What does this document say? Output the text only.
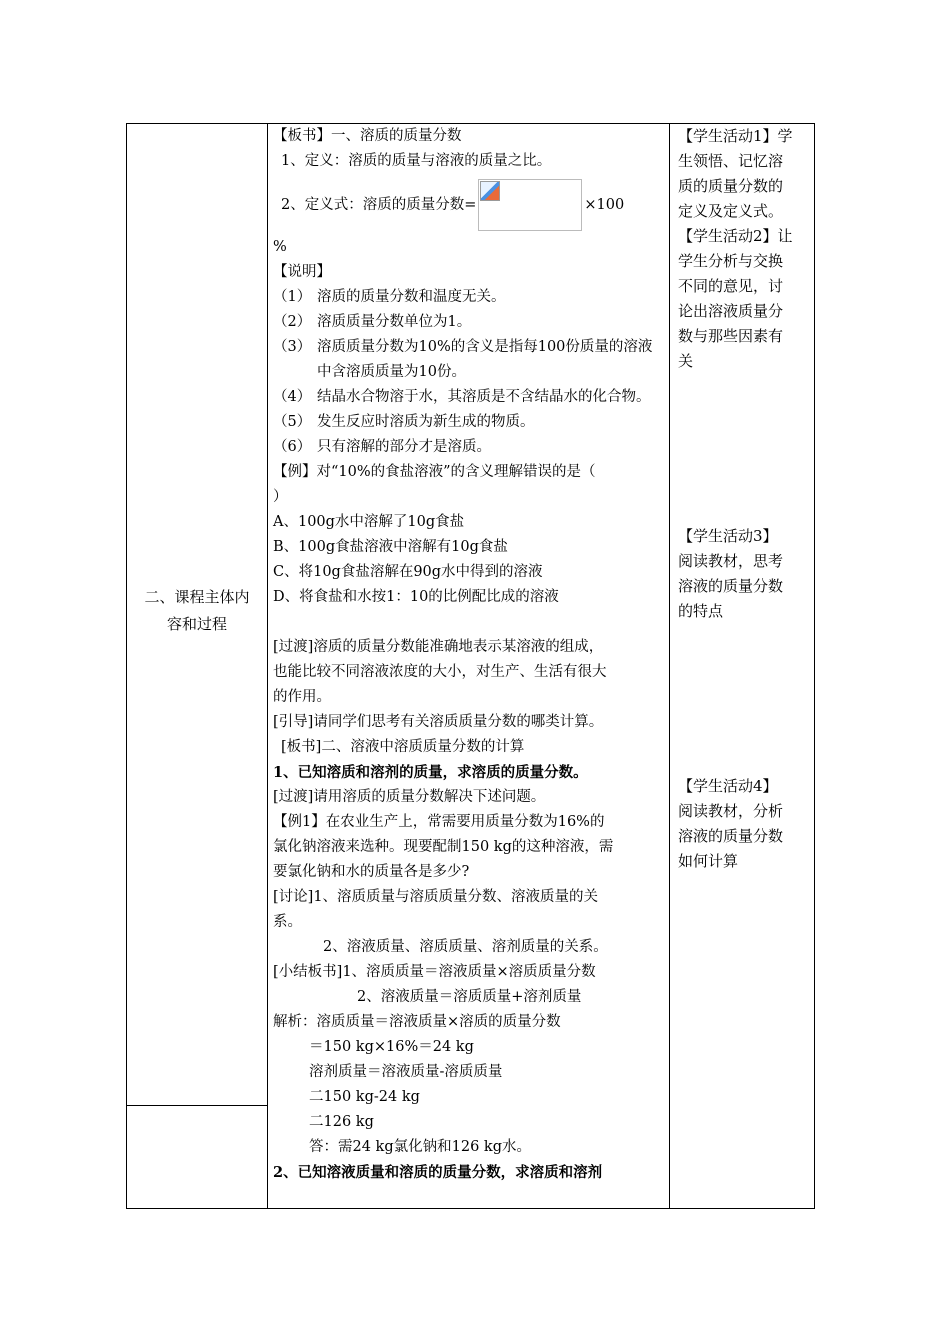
二、课程主体内
容和过程
【板书】一、溶质的质量分数
1、定义：溶质的质量与溶液的质量之比。
2、定义式：溶质的质量分数=	×100
%
【说明】
（1） 溶质的质量分数和温度无关。
（2） 溶质质量分数单位为1。
（3） 溶质质量分数为10%的含义是指每100份质量的溶液中含溶质质量为10份。
（4） 结晶水合物溶于水，其溶质是不含结晶水的化合物。
（5） 发生反应时溶质为新生成的物质。
（6） 只有溶解的部分才是溶质。
【例】对“10%的食盐溶液”的含义理解错误的是（
）
A、100g水中溶解了10g食盐
B、100g食盐溶液中溶解有10g食盐
C、将10g食盐溶解在90g水中得到的溶液
D、将食盐和水按1：10的比例配比成的溶液
[过渡]溶质的质量分数能准确地表示某溶液的组成，
也能比较不同溶液浓度的大小，对生产、生活有很大
的作用。
[引导]请同学们思考有关溶质质量分数的哪类计算。
[板书]二、溶液中溶质质量分数的计算
1、已知溶质和溶剂的质量，求溶质的质量分数。
[过渡]请用溶质的质量分数解决下述问题。
【例1】在农业生产上，常需要用质量分数为16%的
氯化钠溶液来选种。现要配制150 kg的这种溶液，需
要氯化钠和水的质量各是多少?
[讨论]1、溶质质量与溶质质量分数、溶液质量的关
系。
2、溶液质量、溶质质量、溶剂质量的关系。
[小结板书]1、溶质质量＝溶液质量×溶质质量分数
2、溶液质量＝溶质质量+溶剂质量
解析：溶质质量＝溶液质量×溶质的质量分数
＝150 kg×16%＝24 kg
溶剂质量＝溶液质量-溶质质量
二150 kg-24 kg
二126 kg
答：需24 kg氯化钠和126 kg水。
2、已知溶液质量和溶质的质量分数，求溶质和溶剂
【学生活动1】学
生领悟、记忆溶
质的质量分数的
定义及定义式。
【学生活动2】让
学生分析与交换
不同的意见，讨
论出溶液质量分
数与那些因素有
关
【学生活动3】
阅读教材，思考
溶液的质量分数
的特点
【学生活动4】
阅读教材，分析
溶液的质量分数
如何计算
